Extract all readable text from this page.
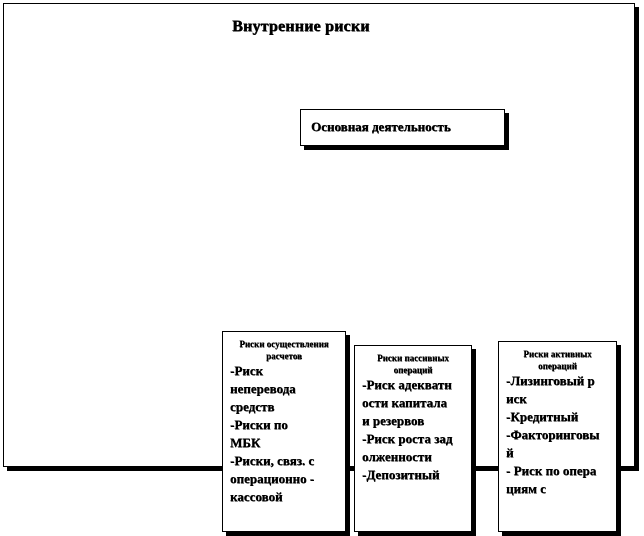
Внутренние риски
Основная деятельность
Риски осуществления расчетов
-Риск неперевода средств
-Риски по МБК
-Риски, связ. с операционно - кассовой
Риски пассивных операций
-Риск адекватности капитала и резервов
-Риск роста задолженности
-Депозитный
Риски активных операций
-Лизинговый риск
-Кредитный
-Факторинговый
- Риск по операциям с
